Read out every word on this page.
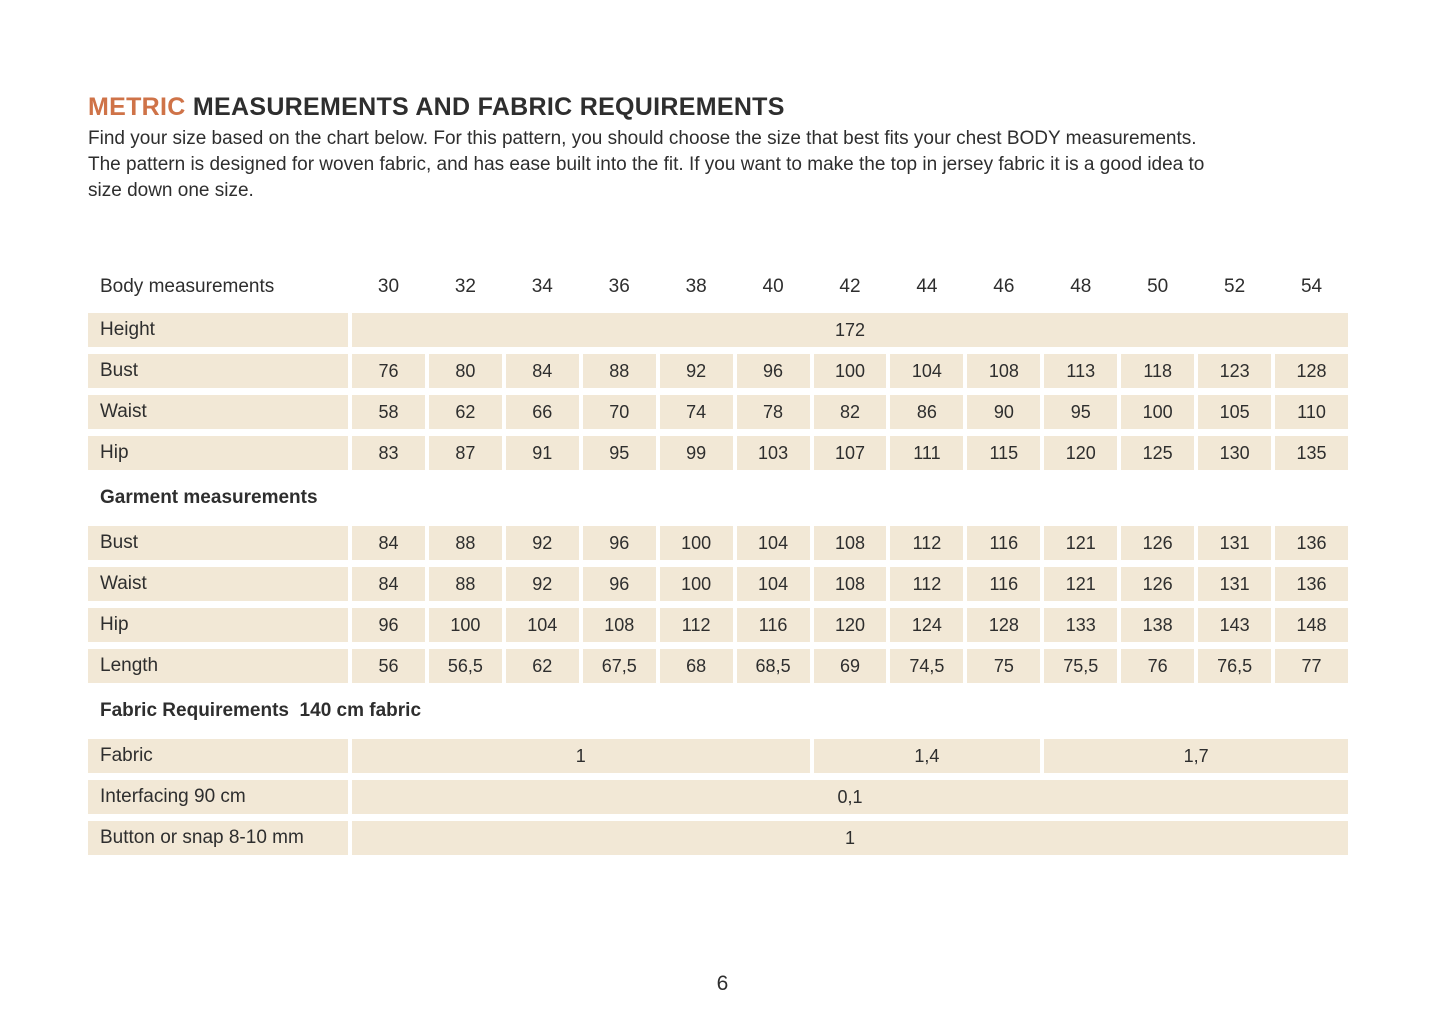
METRIC MEASUREMENTS AND FABRIC REQUIREMENTS
Find your size based on the chart below. For this pattern, you should choose the size that best fits your chest BODY measurements.
The pattern is designed for woven fabric, and has ease built into the fit. If you want to make the top in jersey fabric it is a good idea to
size down one size.
Body measurements	30	32	34	36	38	40	42	44	46	48	50	52	54
Height	172
Bust	76	80	84	88	92	96	100	104	108	113	118	123	128
Waist	58	62	66	70	74	78	82	86	90	95	100	105	110
Hip	83	87	91	95	99	103	107	111	115	120	125	130	135
Garment measurements
Bust	84	88	92	96	100	104	108	112	116	121	126	131	136
Waist	84	88	92	96	100	104	108	112	116	121	126	131	136
Hip	96	100	104	108	112	116	120	124	128	133	138	143	148
Length	56	56,5	62	67,5	68	68,5	69	74,5	75	75,5	76	76,5	77
Fabric Requirements  140 cm fabric
Fabric	1	1,4	1,7
Interfacing 90 cm	0,1
Button or snap 8-10 mm	1
6
